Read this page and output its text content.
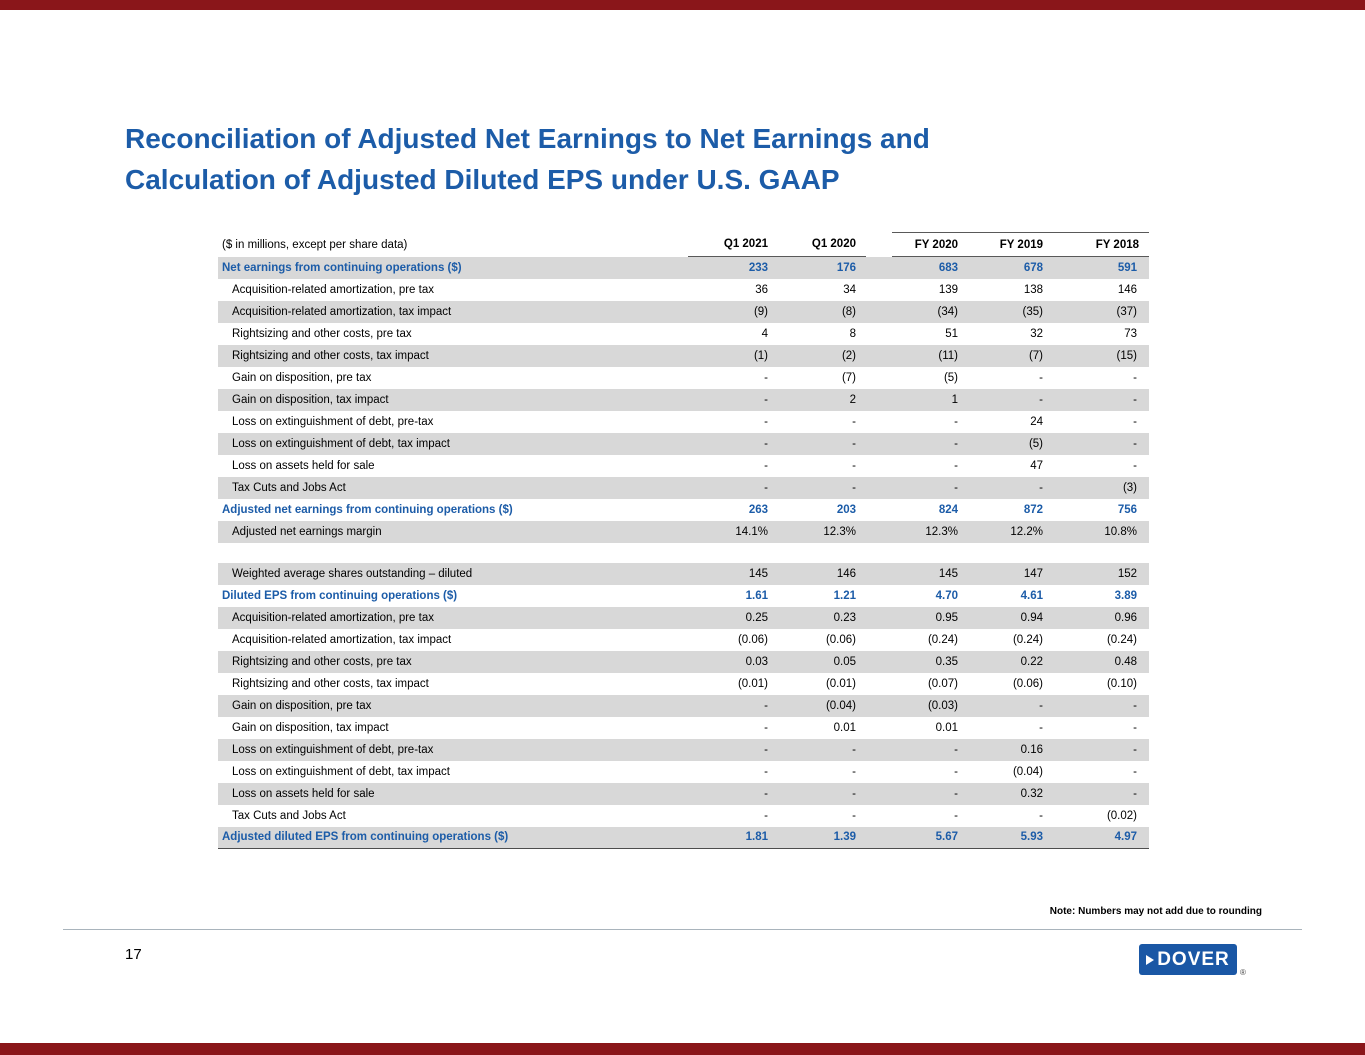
Reconciliation of Adjusted Net Earnings to Net Earnings and
Calculation of Adjusted Diluted EPS under U.S. GAAP
($ in millions, except per share data)	Q1 2021	Q1 2020		FY 2020	FY 2019	FY 2018
Net earnings from continuing operations ($)	233	176		683	678	591
Acquisition-related amortization, pre tax	36	34		139	138	146
Acquisition-related amortization, tax impact	(9)	(8)		(34)	(35)	(37)
Rightsizing and other costs, pre tax	4	8		51	32	73
Rightsizing and other costs, tax impact	(1)	(2)		(11)	(7)	(15)
Gain on disposition, pre tax	-	(7)		(5)	-	-
Gain on disposition, tax impact	-	2		1	-	-
Loss on extinguishment of debt, pre-tax	-	-		-	24	-
Loss on extinguishment of debt, tax impact	-	-		-	(5)	-
Loss on assets held for sale	-	-		-	47	-
Tax Cuts and Jobs Act	-	-		-	-	(3)
Adjusted net earnings from continuing operations ($)	263	203		824	872	756
Adjusted net earnings margin	14.1%	12.3%		12.3%	12.2%	10.8%

Weighted average shares outstanding – diluted	145	146		145	147	152
Diluted EPS from continuing operations ($)	1.61	1.21		4.70	4.61	3.89
Acquisition-related amortization, pre tax	0.25	0.23		0.95	0.94	0.96
Acquisition-related amortization, tax impact	(0.06)	(0.06)		(0.24)	(0.24)	(0.24)
Rightsizing and other costs, pre tax	0.03	0.05		0.35	0.22	0.48
Rightsizing and other costs, tax impact	(0.01)	(0.01)		(0.07)	(0.06)	(0.10)
Gain on disposition, pre tax	-	(0.04)		(0.03)	-	-
Gain on disposition, tax impact	-	0.01		0.01	-	-
Loss on extinguishment of debt, pre-tax	-	-		-	0.16	-
Loss on extinguishment of debt, tax impact	-	-		-	(0.04)	-
Loss on assets held for sale	-	-		-	0.32	-
Tax Cuts and Jobs Act	-	-		-	-	(0.02)
Adjusted diluted EPS from continuing operations ($)	1.81	1.39		5.67	5.93	4.97
Note: Numbers may not add due to rounding
17	DOVER
®
